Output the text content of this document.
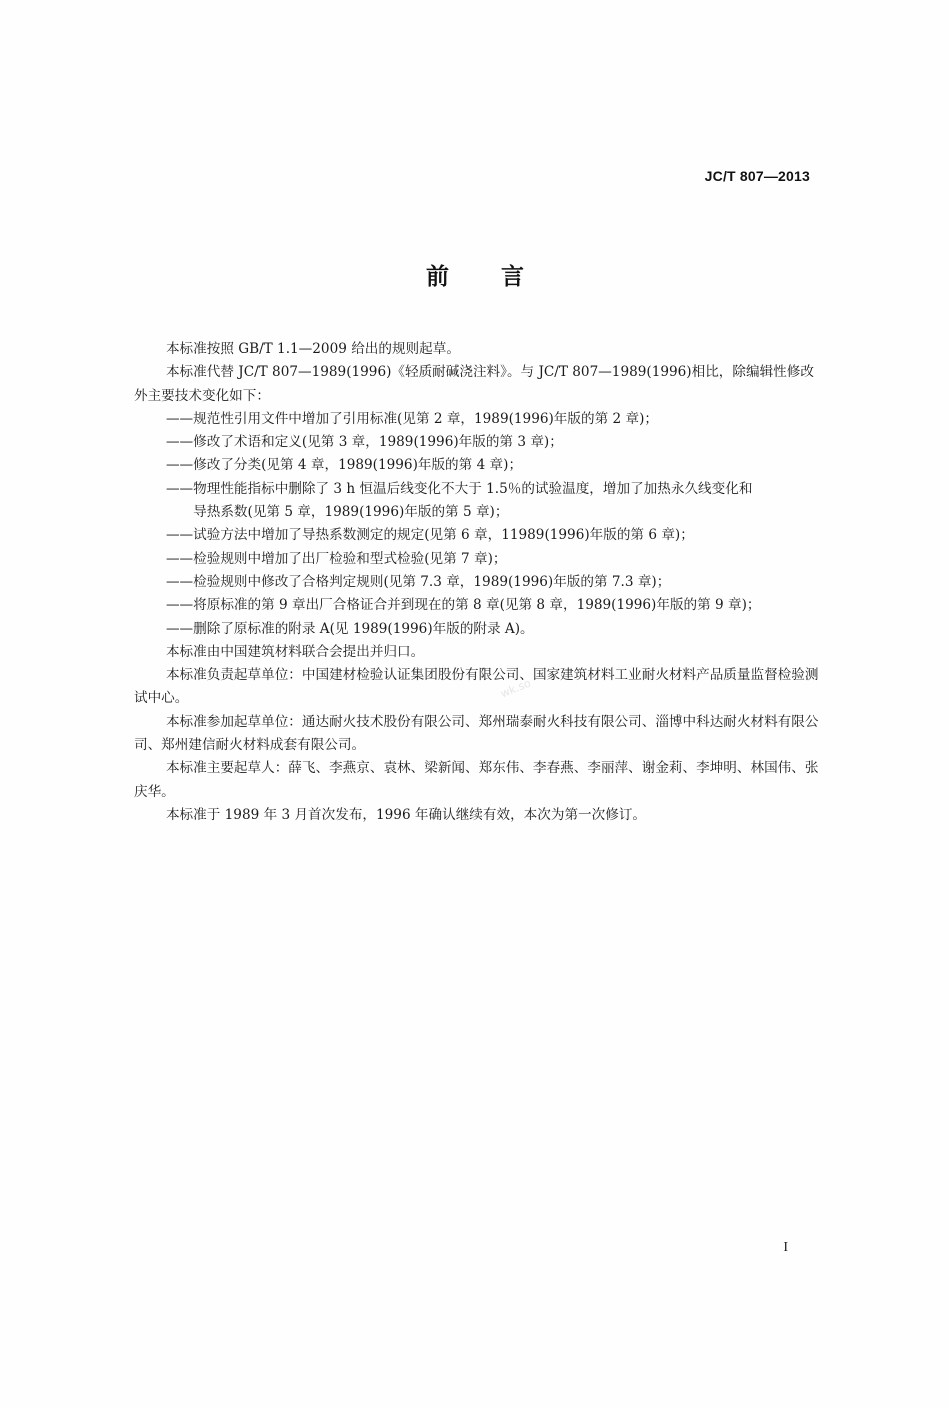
JC/T 807—2013
前言

本标准按照 GB/T 1.1—2009 给出的规则起草。

本标准代替 JC/T 807—1989(1996)《轻质耐碱浇注料》。与 JC/T 807—1989(1996)相比，除编辑性修改外主要技术变化如下：

——规范性引用文件中增加了引用标准(见第 2 章，1989(1996)年版的第 2 章)；

——修改了术语和定义(见第 3 章，1989(1996)年版的第 3 章)；

——修改了分类(见第 4 章，1989(1996)年版的第 4 章)；

——物理性能指标中删除了 3 h 恒温后线变化不大于 1.5％的试验温度，增加了加热永久线变化和
导热系数(见第 5 章，1989(1996)年版的第 5 章)；

——试验方法中增加了导热系数测定的规定(见第 6 章，11989(1996)年版的第 6 章)；

——检验规则中增加了出厂检验和型式检验(见第 7 章)；

——检验规则中修改了合格判定规则(见第 7.3 章，1989(1996)年版的第 7.3 章)；

——将原标准的第 9 章出厂合格证合并到现在的第 8 章(见第 8 章，1989(1996)年版的第 9 章)；

——删除了原标准的附录 A(见 1989(1996)年版的附录 A)。

本标准由中国建筑材料联合会提出并归口。

本标准负责起草单位：中国建材检验认证集团股份有限公司、国家建筑材料工业耐火材料产品质量监督检验测试中心。

本标准参加起草单位：通达耐火技术股份有限公司、郑州瑞泰耐火科技有限公司、淄博中科达耐火材料有限公司、郑州建信耐火材料成套有限公司。

本标准主要起草人：薛飞、李燕京、袁林、梁新闻、郑东伟、李春燕、李丽萍、谢金莉、李坤明、林国伟、张庆华。

本标准于 1989 年 3 月首次发布，1996 年确认继续有效，本次为第一次修订。

wk.so
I
